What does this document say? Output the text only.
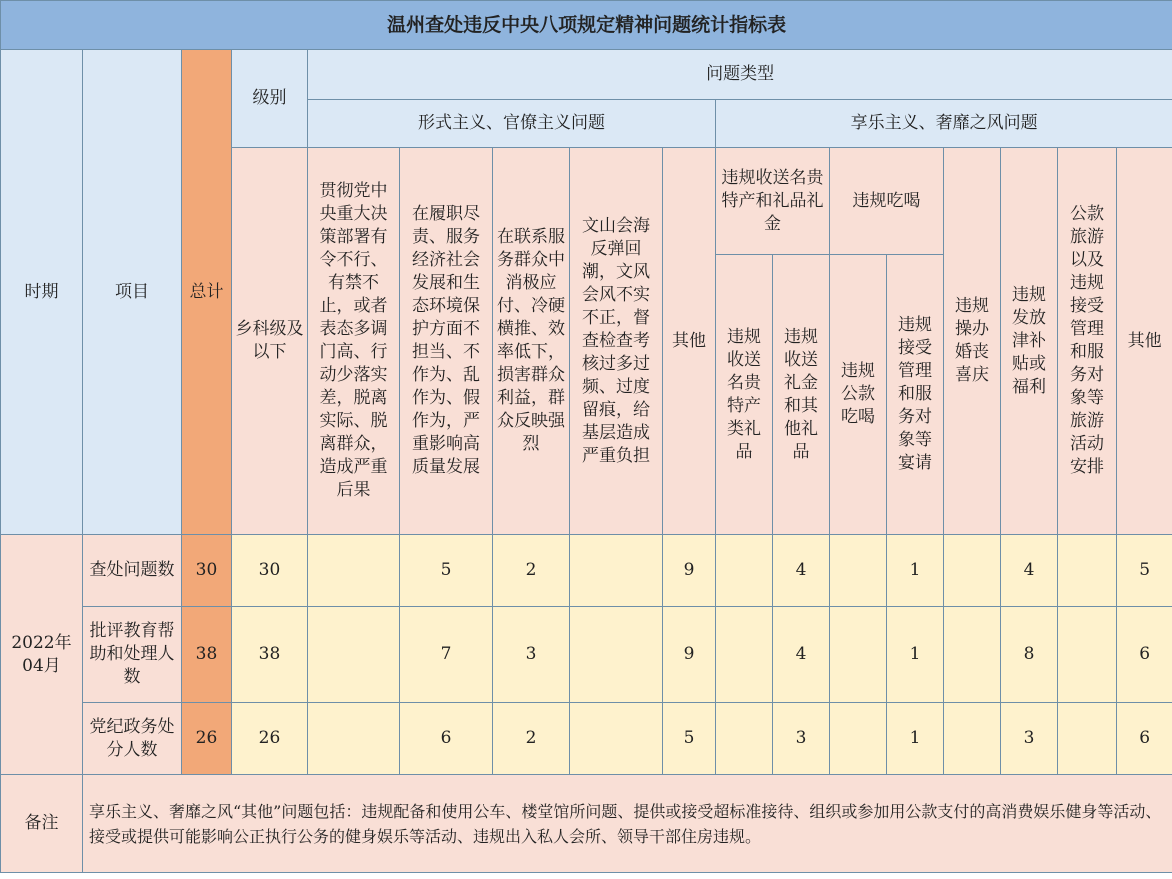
温州查处违反中央八项规定精神问题统计指标表																
时期	项目	总计	级别	问题类型												
				形式主义、官僚主义问题					享乐主义、奢靡之风问题							
			乡科级及以下	贯彻党中央重大决策部署有令不行、有禁不止，或者表态多调门高、行动少落实差，脱离实际、脱离群众，造成严重后果	在履职尽责、服务经济社会发展和生态环境保护方面不担当、不作为、乱作为、假作为，严重影响高质量发展	在联系服务群众中消极应付、冷硬横推、效率低下，损害群众利益，群众反映强烈	文山会海反弹回潮，文风会风不实不正，督查检查考核过多过频、过度留痕，给基层造成严重负担	其他	违规收送名贵特产和礼品礼金		违规吃喝		违规操办婚丧喜庆	违规发放津补贴或福利	公款旅游以及违规接受管理和服务对象等旅游活动安排	其他
									违规收送名贵特产类礼品	违规收送礼金和其他礼品	违规公款吃喝	违规接受管理和服务对象等宴请				
2022年04月	查处问题数	30	30		5	2		9		4		1		4		5
	批评教育帮助和处理人数	38	38		7	3		9		4		1		8		6
	党纪政务处分人数	26	26		6	2		5		3		1		3		6
备注	享乐主义、奢靡之风“其他”问题包括：违规配备和使用公车、楼堂馆所问题、提供或接受超标准接待、组织或参加用公款支付的高消费娱乐健身等活动、接受或提供可能影响公正执行公务的健身娱乐等活动、违规出入私人会所、领导干部住房违规。															
